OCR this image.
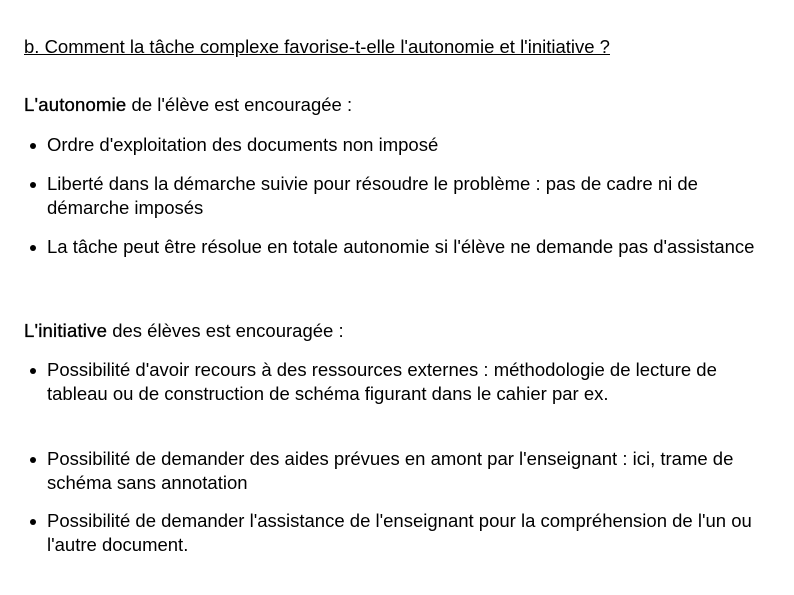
b. Comment la tâche complexe favorise-t-elle l'autonomie et l'initiative ?

L'autonomie de l'élève est encouragée :

Ordre d'exploitation des documents non imposé
Liberté dans la démarche suivie pour résoudre le problème : pas de cadre ni de démarche imposés
La tâche peut être résolue en totale autonomie si l'élève ne demande pas d'assistance

L'initiative des élèves est encouragée :

Possibilité d'avoir recours à des ressources externes : méthodologie de lecture de tableau ou de construction de schéma figurant dans le cahier par ex.
Possibilité de demander des aides prévues en amont par l'enseignant : ici, trame de schéma sans annotation
Possibilité de demander l'assistance de l'enseignant pour la compréhension de l'un ou l'autre document.
